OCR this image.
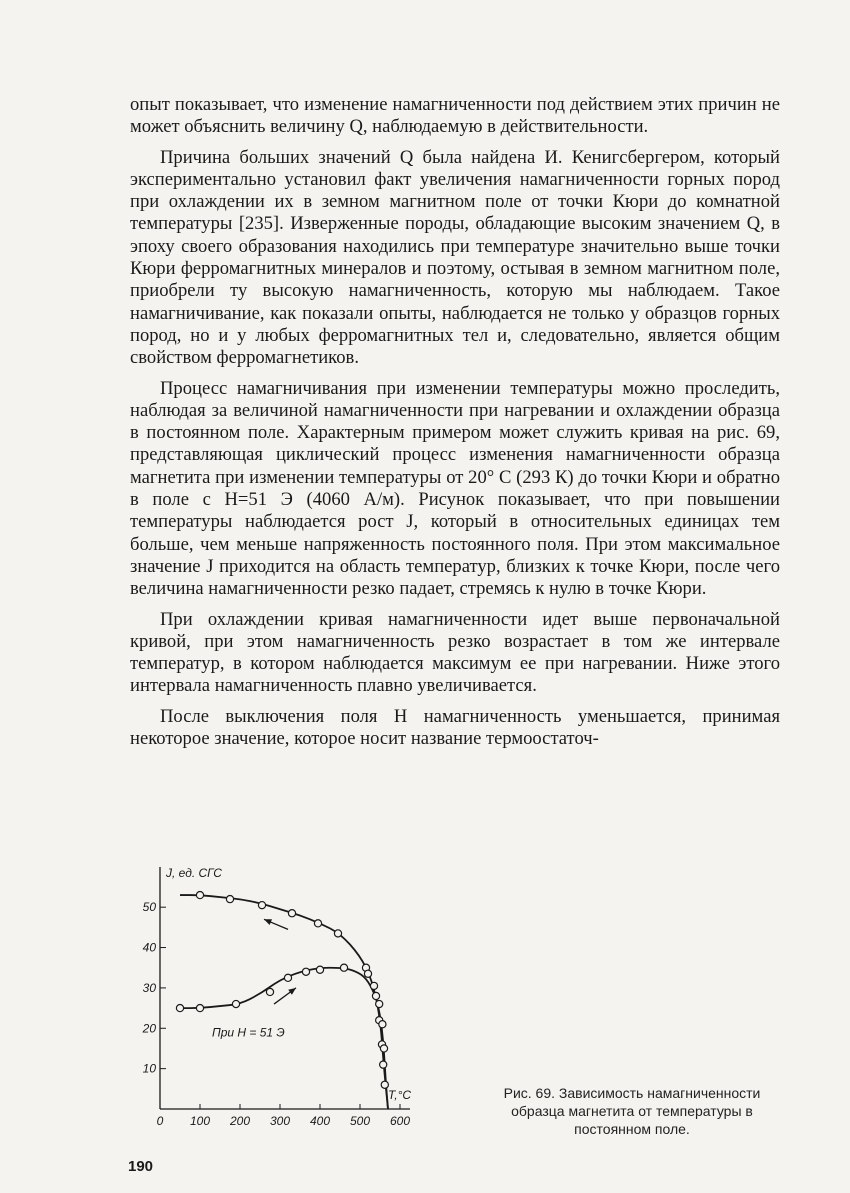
опыт показывает, что изменение намагниченности под действием этих причин не может объяснить величину Q, наблюдаемую в действительности.

Причина больших значений Q была найдена И. Кенигсбергером, который экспериментально установил факт увеличения намагниченности горных пород при охлаждении их в земном магнитном поле от точки Кюри до комнатной температуры [235]. Изверженные породы, обладающие высоким значением Q, в эпоху своего образования находились при температуре значительно выше точки Кюри ферромагнитных минералов и поэтому, остывая в земном магнитном поле, приобрели ту высокую намагниченность, которую мы наблюдаем. Такое намагничивание, как показали опыты, наблюдается не только у образцов горных пород, но и у любых ферромагнитных тел и, следовательно, является общим свойством ферромагнетиков.

Процесс намагничивания при изменении температуры можно проследить, наблюдая за величиной намагниченности при нагревании и охлаждении образца в постоянном поле. Характерным примером может служить кривая на рис. 69, представляющая циклический процесс изменения намагниченности образца магнетита при изменении температуры от 20° С (293 К) до точки Кюри и обратно в поле с H=51 Э (4060 А/м). Рисунок показывает, что при повышении температуры наблюдается рост J, который в относительных единицах тем больше, чем меньше напряженность постоянного поля. При этом максимальное значение J приходится на область температур, близких к точке Кюри, после чего величина намагниченности резко падает, стремясь к нулю в точке Кюри.

При охлаждении кривая намагниченности идет выше первоначальной кривой, при этом намагниченность резко возрастает в том же интервале температур, в котором наблюдается максимум ее при нагревании. Ниже этого интервала намагниченность плавно увеличивается.

После выключения поля H намагниченность уменьшается, принимая некоторое значение, которое носит название термоостаточ-

0 100 200 300 400 500 600
10
20
30
40
50
J, ед. СГС
T,°C
При H = 51 Э
Рис. 69. Зависимость намагниченности образца магнетита от температуры в постоянном поле.
190
